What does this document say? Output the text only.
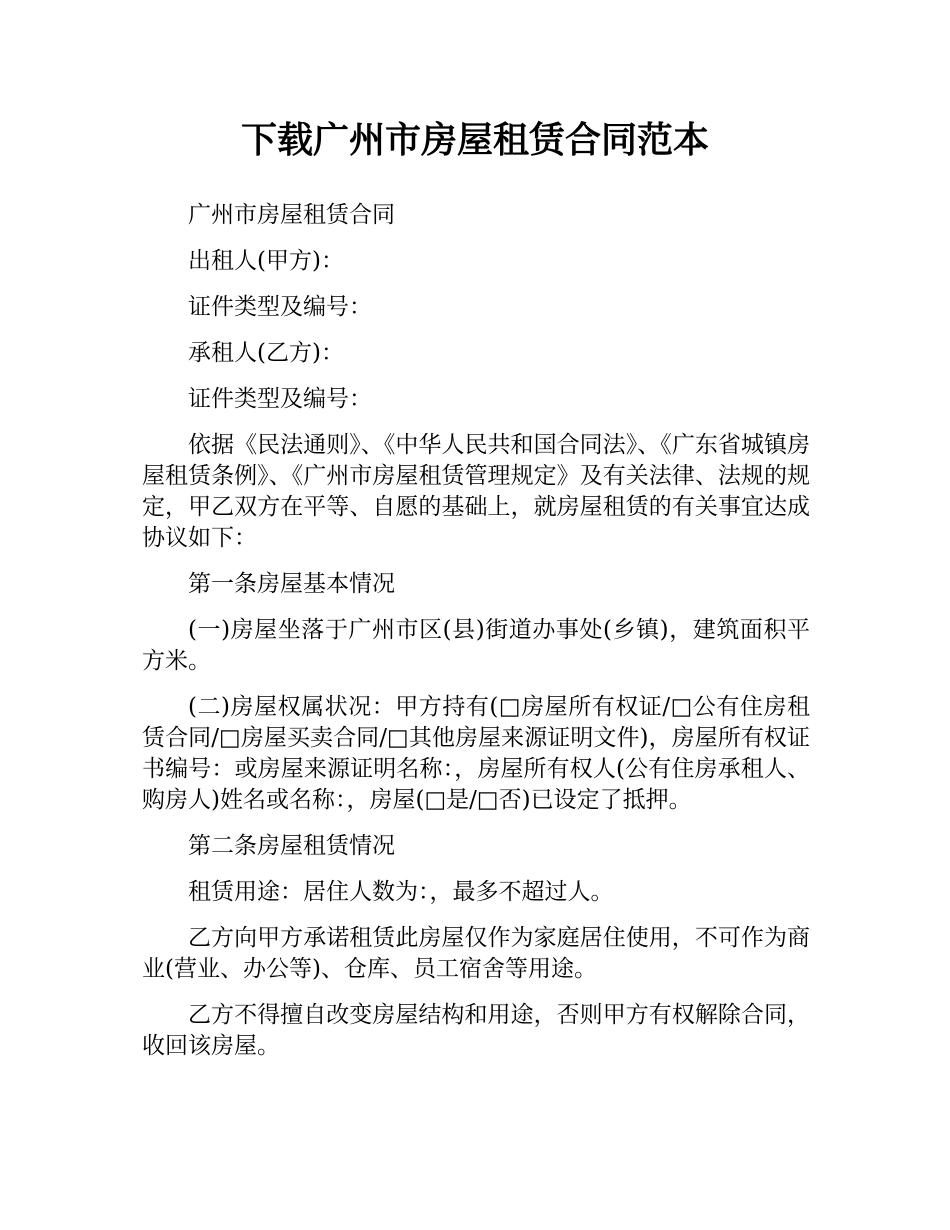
下载广州市房屋租赁合同范本

广州市房屋租赁合同

出租人(甲方)：

证件类型及编号：

承租人(乙方)：

证件类型及编号：

依据《民法通则》、《中华人民共和国合同法》、《广东省城镇房屋租赁条例》、《广州市房屋租赁管理规定》及有关法律、法规的规定，甲乙双方在平等、自愿的基础上，就房屋租赁的有关事宜达成协议如下：

第一条房屋基本情况

(一)房屋坐落于广州市区(县)街道办事处(乡镇)，建筑面积平方米。

(二)房屋权属状况：甲方持有(□房屋所有权证/□公有住房租赁合同/□房屋买卖合同/□其他房屋来源证明文件)，房屋所有权证书编号：或房屋来源证明名称：，房屋所有权人(公有住房承租人、购房人)姓名或名称：，房屋(□是/□否)已设定了抵押。

第二条房屋租赁情况

租赁用途：居住人数为：，最多不超过人。

乙方向甲方承诺租赁此房屋仅作为家庭居住使用，不可作为商业(营业、办公等)、仓库、员工宿舍等用途。

乙方不得擅自改变房屋结构和用途，否则甲方有权解除合同，收回该房屋。
